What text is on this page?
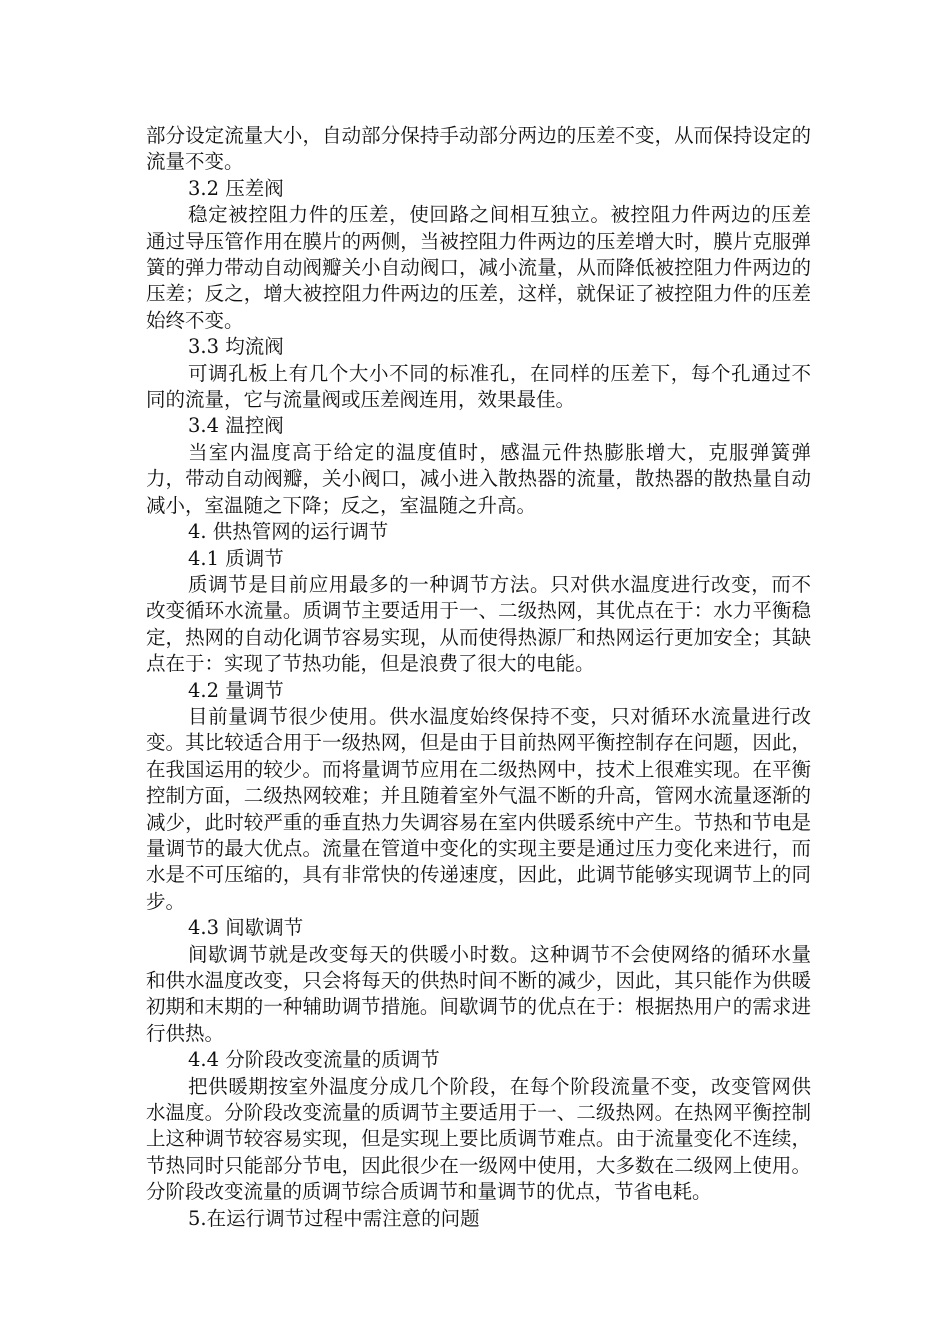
部分设定流量大小，自动部分保持手动部分两边的压差不变，从而保持设定的流量不变。

3.2 压差阀

稳定被控阻力件的压差，使回路之间相互独立。被控阻力件两边的压差通过导压管作用在膜片的两侧，当被控阻力件两边的压差增大时，膜片克服弹簧的弹力带动自动阀瓣关小自动阀口，减小流量，从而降低被控阻力件两边的压差；反之，增大被控阻力件两边的压差，这样，就保证了被控阻力件的压差始终不变。

3.3 均流阀

可调孔板上有几个大小不同的标准孔，在同样的压差下，每个孔通过不同的流量，它与流量阀或压差阀连用，效果最佳。

3.4 温控阀

当室内温度高于给定的温度值时，感温元件热膨胀增大，克服弹簧弹力，带动自动阀瓣，关小阀口，减小进入散热器的流量，散热器的散热量自动减小，室温随之下降；反之，室温随之升高。

4. 供热管网的运行调节

4.1 质调节

质调节是目前应用最多的一种调节方法。只对供水温度进行改变，而不改变循环水流量。质调节主要适用于一、二级热网，其优点在于：水力平衡稳定，热网的自动化调节容易实现，从而使得热源厂和热网运行更加安全；其缺点在于：实现了节热功能，但是浪费了很大的电能。

4.2 量调节

目前量调节很少使用。供水温度始终保持不变，只对循环水流量进行改变。其比较适合用于一级热网，但是由于目前热网平衡控制存在问题，因此，在我国运用的较少。而将量调节应用在二级热网中，技术上很难实现。在平衡控制方面，二级热网较难；并且随着室外气温不断的升高，管网水流量逐渐的减少，此时较严重的垂直热力失调容易在室内供暖系统中产生。节热和节电是量调节的最大优点。流量在管道中变化的实现主要是通过压力变化来进行，而水是不可压缩的，具有非常快的传递速度，因此，此调节能够实现调节上的同步。

4.3 间歇调节

间歇调节就是改变每天的供暖小时数。这种调节不会使网络的循环水量和供水温度改变，只会将每天的供热时间不断的减少，因此，其只能作为供暖初期和末期的一种辅助调节措施。间歇调节的优点在于：根据热用户的需求进行供热。

4.4 分阶段改变流量的质调节

把供暖期按室外温度分成几个阶段，在每个阶段流量不变，改变管网供水温度。分阶段改变流量的质调节主要适用于一、二级热网。在热网平衡控制上这种调节较容易实现，但是实现上要比质调节难点。由于流量变化不连续，节热同时只能部分节电，因此很少在一级网中使用，大多数在二级网上使用。分阶段改变流量的质调节综合质调节和量调节的优点，节省电耗。

5.在运行调节过程中需注意的问题
